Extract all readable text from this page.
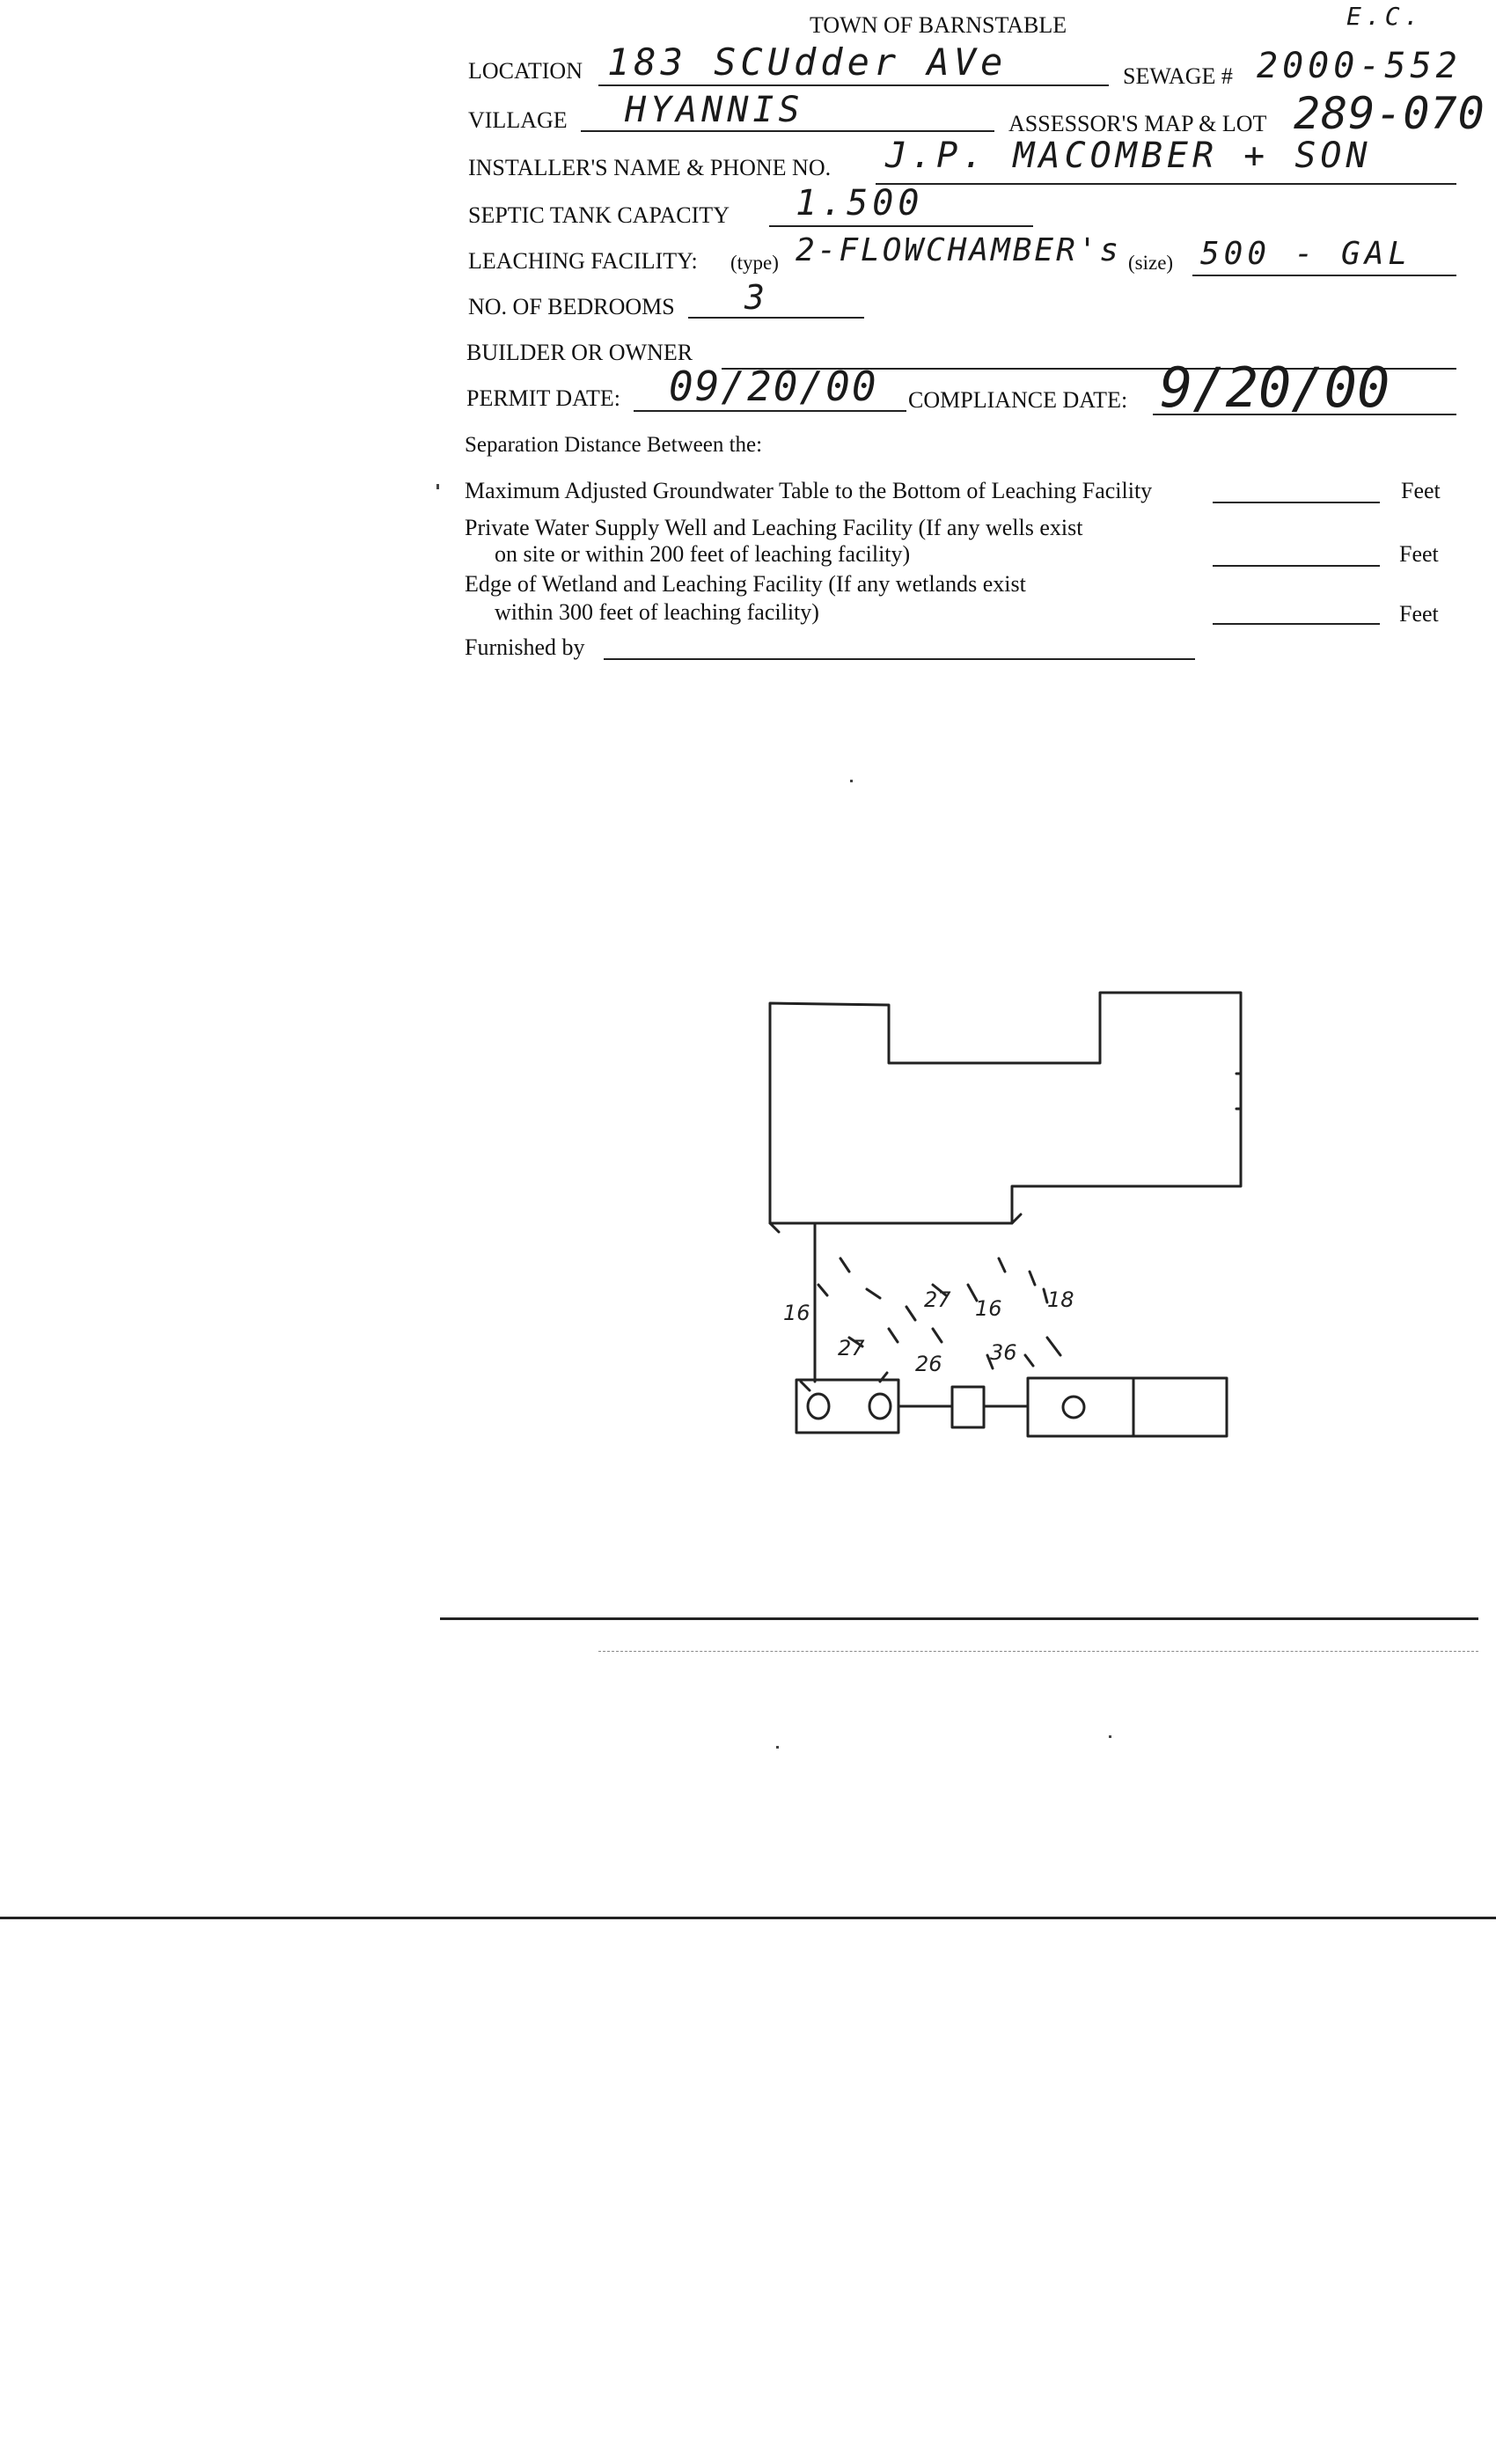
TOWN OF BARNSTABLE	E.C.
LOCATION 183 SCUdder AVe	SEWAGE # 2000-552
VILLAGE HYANNIS	ASSESSOR'S MAP & LOT 289-070
INSTALLER'S NAME & PHONE NO. J.P. MACOMBER + SON
SEPTIC TANK CAPACITY 1.500
LEACHING FACILITY: (type) 2-FLOWCHAMBER's (size) 500 - GAL
NO. OF BEDROOMS 3
BUILDER OR OWNER
PERMIT DATE: 09/20/00 COMPLIANCE DATE: 9/20/00
Separation Distance Between the:
Maximum Adjusted Groundwater Table to the Bottom of Leaching Facility	Feet
Private Water Supply Well and Leaching Facility (If any wells exist
on site or within 200 feet of leaching facility)	Feet
Edge of Wetland and Leaching Facility (If any wetlands exist
within 300 feet of leaching facility)	Feet
Furnished by
16
27
27
26 36
16 18
